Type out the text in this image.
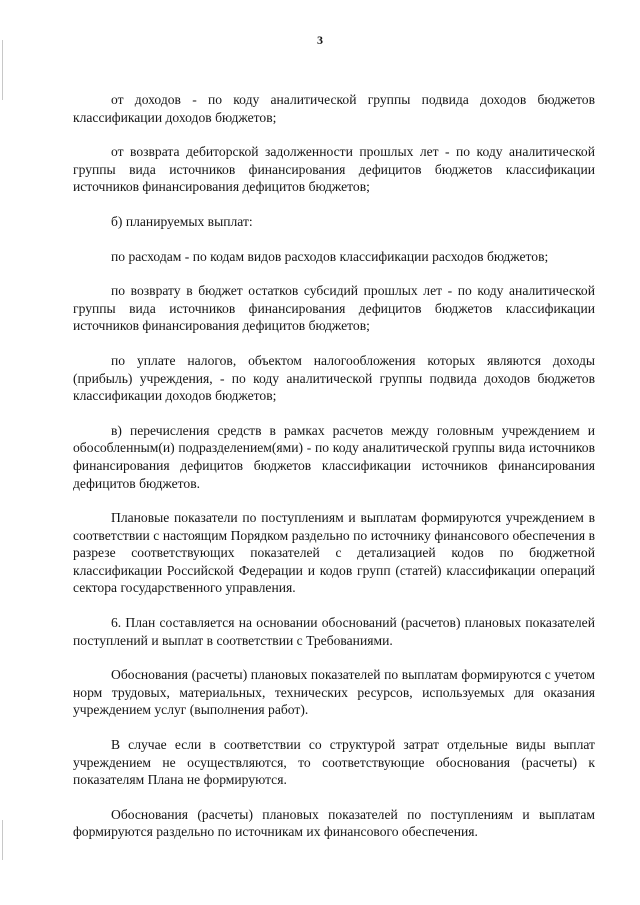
3

от доходов - по коду аналитической группы подвида доходов бюджетов классификации доходов бюджетов;

от возврата дебиторской задолженности прошлых лет - по коду аналитической группы вида источников финансирования дефицитов бюджетов классификации источников финансирования дефицитов бюджетов;

б) планируемых выплат:

по расходам - по кодам видов расходов классификации расходов бюджетов;

по возврату в бюджет остатков субсидий прошлых лет - по коду аналитической группы вида источников финансирования дефицитов бюджетов классификации источников финансирования дефицитов бюджетов;

по уплате налогов, объектом налогообложения которых являются доходы (прибыль) учреждения, - по коду аналитической группы подвида доходов бюджетов классификации доходов бюджетов;

в) перечисления средств в рамках расчетов между головным учреждением и обособленным(и) подразделением(ями) - по коду аналитической группы вида источников финансирования дефицитов бюджетов классификации источников финансирования дефицитов бюджетов.

Плановые показатели по поступлениям и выплатам формируются учреждением в соответствии с настоящим Порядком раздельно по источнику финансового обеспечения в разрезе соответствующих показателей с детализацией кодов по бюджетной классификации Российской Федерации и кодов групп (статей) классификации операций сектора государственного управления.

6. План составляется на основании обоснований (расчетов) плановых показателей поступлений и выплат в соответствии с Требованиями.

Обоснования (расчеты) плановых показателей по выплатам формируются с учетом норм трудовых, материальных, технических ресурсов, используемых для оказания учреждением услуг (выполнения работ).

В случае если в соответствии со структурой затрат отдельные виды выплат учреждением не осуществляются, то соответствующие обоснования (расчеты) к показателям Плана не формируются.

Обоснования (расчеты) плановых показателей по поступлениям и выплатам формируются раздельно по источникам их финансового обеспечения.
